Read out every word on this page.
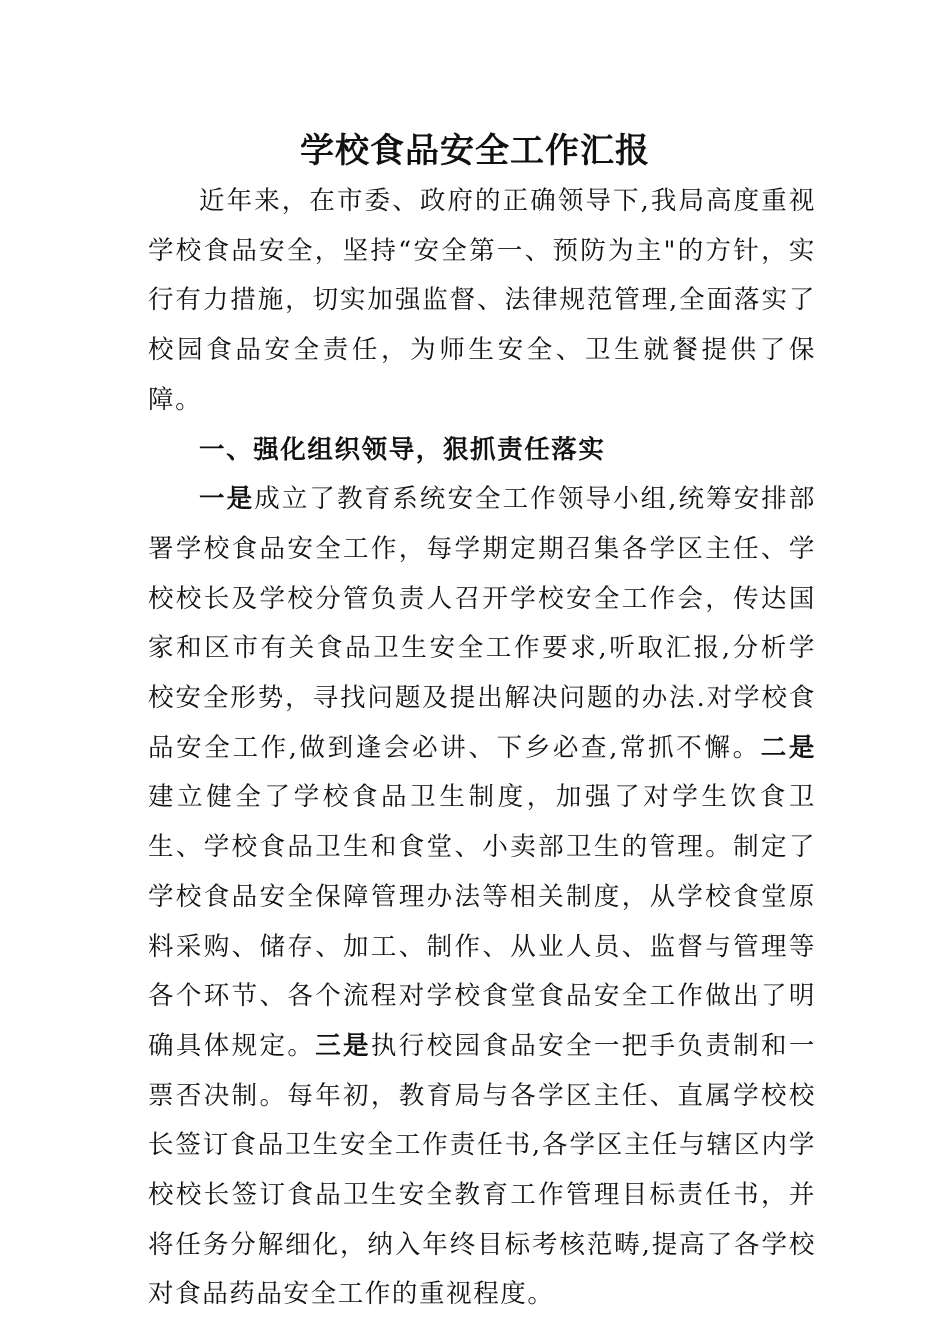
学校食品安全工作汇报

近年来，在市委、政府的正确领导下,我局高度重视学校食品安全，坚持“安全第一、预防为主"的方针，实行有力措施，切实加强监督、法律规范管理,全面落实了校园食品安全责任，为师生安全、卫生就餐提供了保障。

一、强化组织领导，狠抓责任落实

一是成立了教育系统安全工作领导小组,统筹安排部署学校食品安全工作，每学期定期召集各学区主任、学校校长及学校分管负责人召开学校安全工作会，传达国家和区市有关食品卫生安全工作要求,听取汇报,分析学校安全形势，寻找问题及提出解决问题的办法.对学校食品安全工作,做到逢会必讲、下乡必查,常抓不懈。二是建立健全了学校食品卫生制度，加强了对学生饮食卫生、学校食品卫生和食堂、小卖部卫生的管理。制定了学校食品安全保障管理办法等相关制度，从学校食堂原料采购、储存、加工、制作、从业人员、监督与管理等各个环节、各个流程对学校食堂食品安全工作做出了明确具体规定。三是执行校园食品安全一把手负责制和一票否决制。每年初，教育局与各学区主任、直属学校校长签订食品卫生安全工作责任书,各学区主任与辖区内学校校长签订食品卫生安全教育工作管理目标责任书，并将任务分解细化，纳入年终目标考核范畴,提高了各学校对食品药品安全工作的重视程度。
